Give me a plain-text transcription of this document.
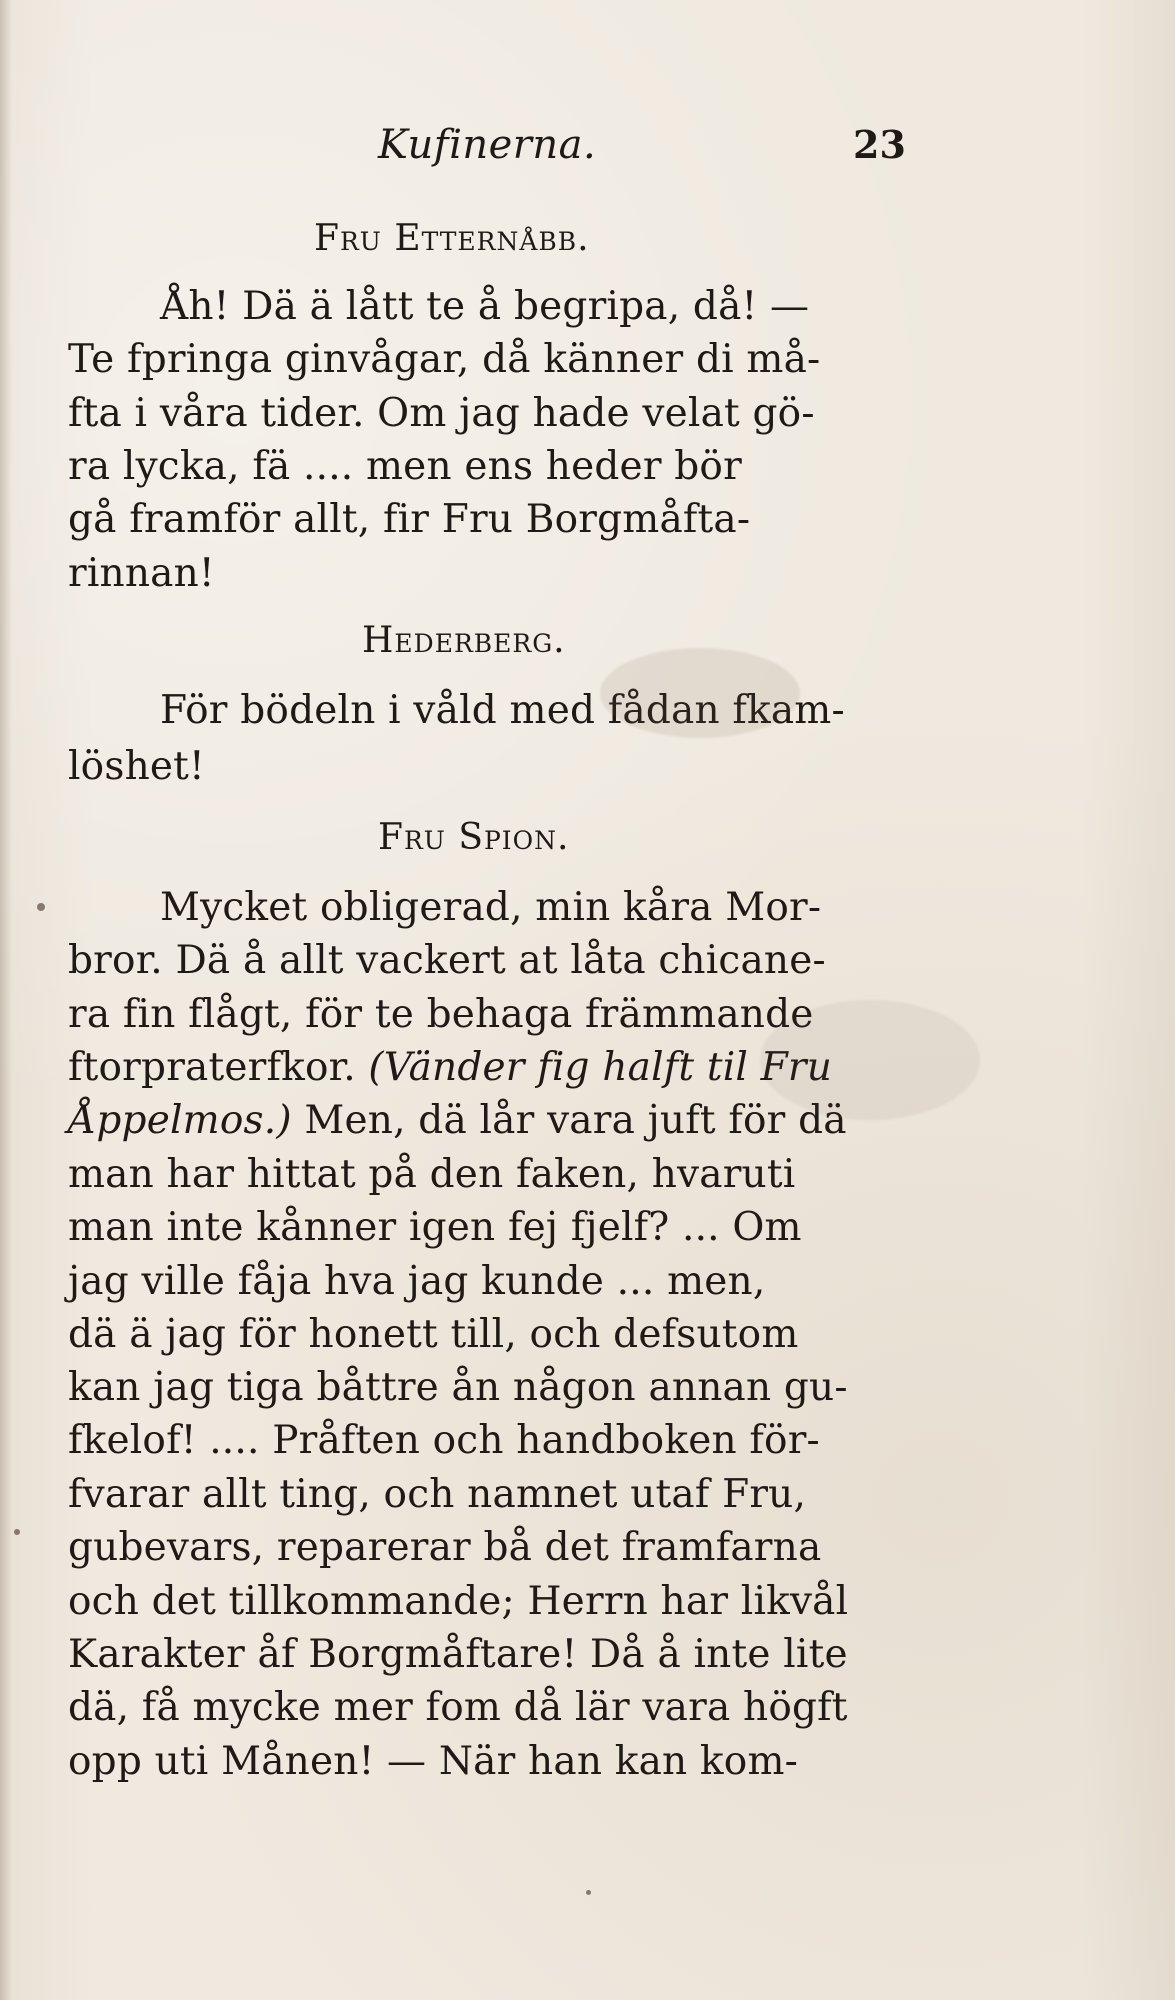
Kufinerna.	23
Fru Etternåbb.
Åh! Dä ä lått te å begripa, då! —
Te fpringa ginvågar, då känner di må-
fta i våra tider. Om jag hade velat gö-
ra lycka, fä .... men ens heder bör
gå framför allt, fir Fru Borgmåfta-
rinnan!
Hederberg.
För bödeln i våld med fådan fkam-
löshet!
Fru Spion.
Mycket obligerad, min kåra Mor-
bror. Dä å allt vackert at låta chicane-
ra fin flågt, för te behaga främmande
ftorpraterfkor. (Vänder fig halft til Fru
Åppelmos.) Men, dä lår vara juft för dä
man har hittat på den faken, hvaruti
man inte kånner igen fej fjelf? ... Om
jag ville fåja hva jag kunde ... men,
dä ä jag för honett till, och defsutom
kan jag tiga båttre ån någon annan gu-
fkelof! .... Pråften och handboken för-
fvarar allt ting, och namnet utaf Fru,
gubevars, reparerar bå det framfarna
och det tillkommande; Herrn har likvål
Karakter åf Borgmåftare! Då å inte lite
dä, få mycke mer fom då lär vara högft
opp uti Månen! — När han kan kom-
